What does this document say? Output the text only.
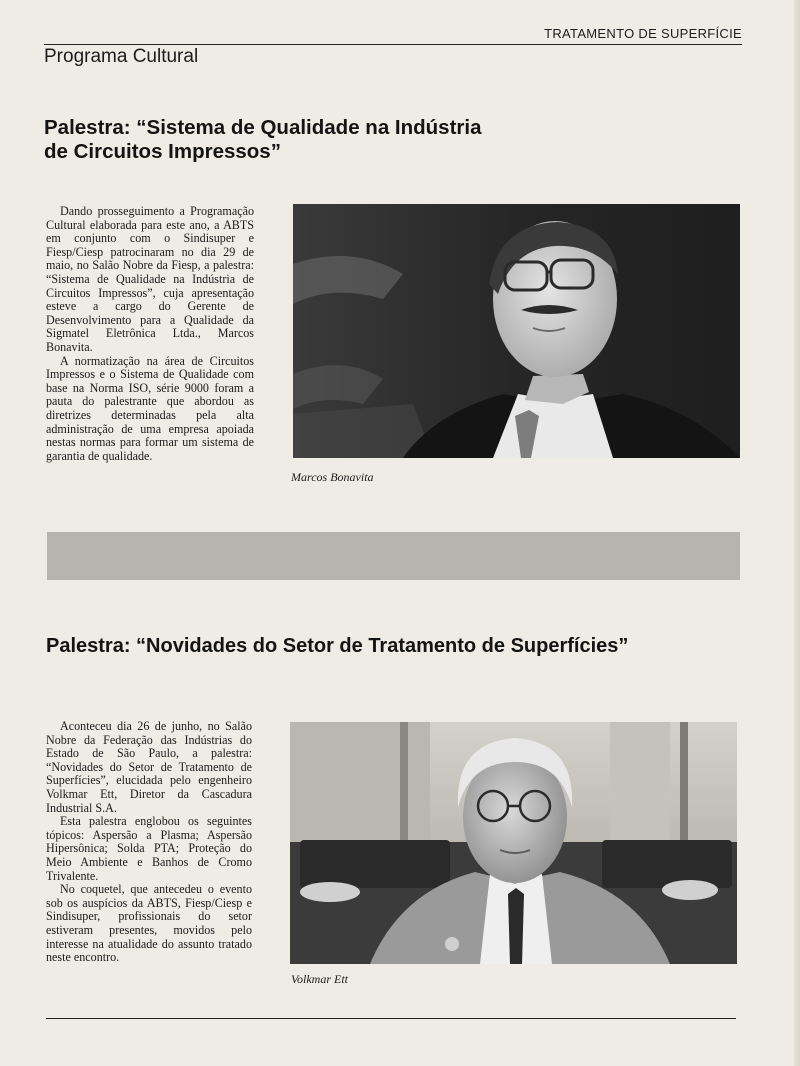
TRATAMENTO DE SUPERFÍCIE
Programa Cultural
Palestra: “Sistema de Qualidade na Indústria
de Circuitos Impressos”

Dando prosseguimento a Programação Cultural elaborada para este ano, a ABTS em conjunto com o Sindisuper e Fiesp/Ciesp patrocinaram no dia 29 de maio, no Salão Nobre da Fiesp, a palestra: “Sistema de Qualidade na Indústria de Circuitos Impressos”, cuja apresentação esteve a cargo do Gerente de Desenvolvimento para a Qualidade da Sigmatel Eletrônica Ltda., Marcos Bonavita.

A normatização na área de Circuitos Impressos e o Sistema de Qualidade com base na Norma ISO, série 9000 foram a pauta do palestrante que abordou as diretrizes determinadas pela alta administração de uma empresa apoiada nestas normas para formar um sistema de garantia de qualidade.

Marcos Bonavita
Palestra: “Novidades do Setor de Tratamento de Superfícies”

Aconteceu dia 26 de junho, no Salão Nobre da Federação das Indústrias do Estado de São Paulo, a palestra: “Novidades do Setor de Tratamento de Superfícies”, elucidada pelo engenheiro Volkmar Ett, Diretor da Cascadura Industrial S.A.

Esta palestra englobou os seguintes tópicos: Aspersão a Plasma; Aspersão Hipersônica; Solda PTA; Proteção do Meio Ambiente e Banhos de Cromo Trivalente.

No coquetel, que antecedeu o evento sob os auspícios da ABTS, Fiesp/Ciesp e Sindisuper, profissionais do setor estiveram presentes, movidos pelo interesse na atualidade do assunto tratado neste encontro.

Volkmar Ett
